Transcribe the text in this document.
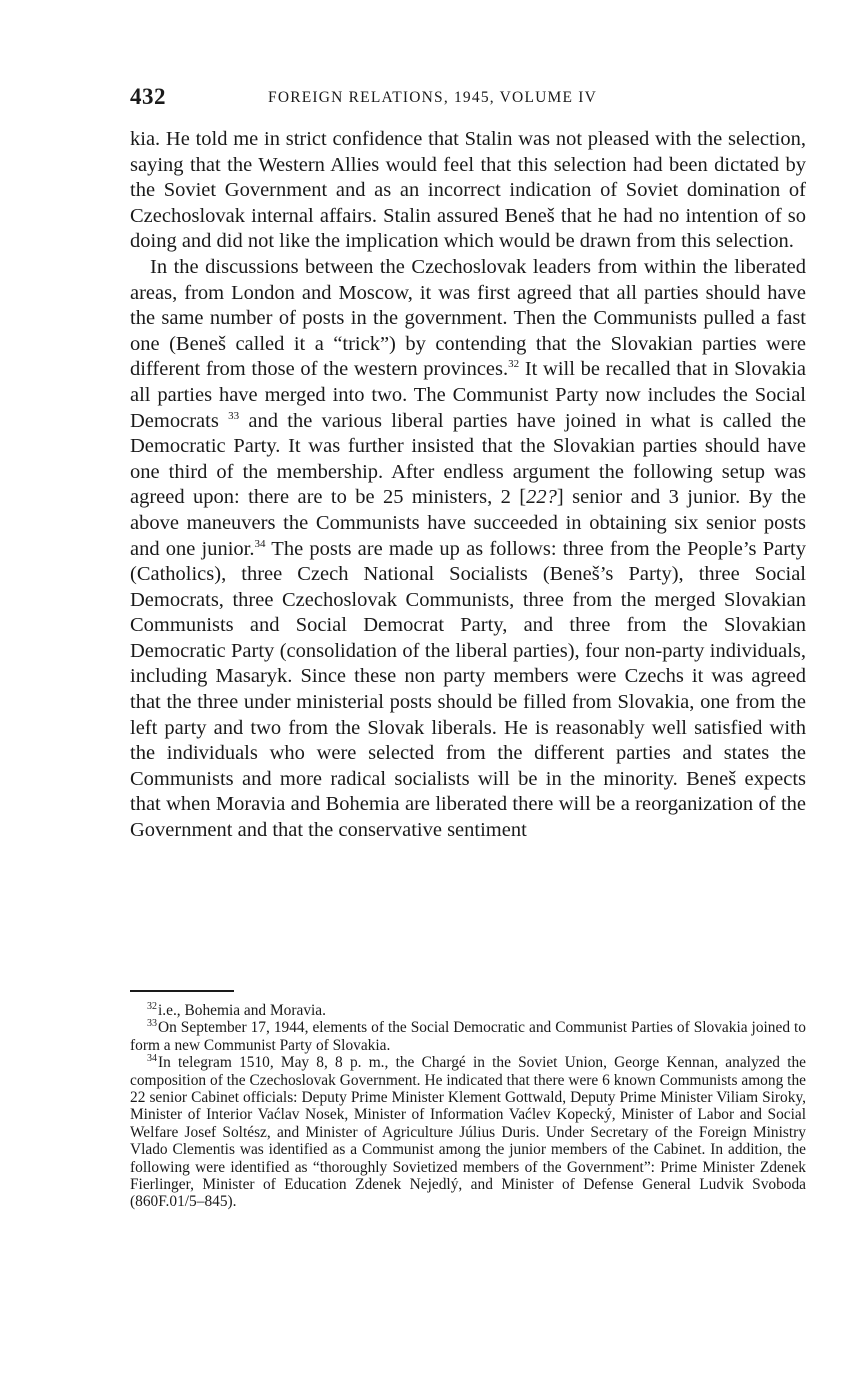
432	FOREIGN RELATIONS, 1945, VOLUME IV

kia. He told me in strict confidence that Stalin was not pleased with the selection, saying that the Western Allies would feel that this selection had been dictated by the Soviet Government and as an incorrect indication of Soviet domination of Czechoslovak internal affairs. Stalin assured Beneš that he had no intention of so doing and did not like the implication which would be drawn from this selection.

In the discussions between the Czechoslovak leaders from within the liberated areas, from London and Moscow, it was first agreed that all parties should have the same number of posts in the government. Then the Communists pulled a fast one (Beneš called it a “trick”) by contending that the Slovakian parties were different from those of the western provinces.$^{32}$ It will be recalled that in Slovakia all parties have merged into two. The Communist Party now includes the Social Democrats $^{33}$ and the various liberal parties have joined in what is called the Democratic Party. It was further insisted that the Slovakian parties should have one third of the membership. After endless argument the following setup was agreed upon: there are to be 25 ministers, 2 [22?] senior and 3 junior. By the above maneuvers the Communists have succeeded in obtaining six senior posts and one junior.$^{34}$ The posts are made up as follows: three from the People’s Party (Catholics), three Czech National Socialists (Beneš’s Party), three Social Democrats, three Czechoslovak Communists, three from the merged Slovakian Communists and Social Democrat Party, and three from the Slovakian Democratic Party (consolidation of the liberal parties), four non-party individuals, including Masaryk. Since these non party members were Czechs it was agreed that the three under ministerial posts should be filled from Slovakia, one from the left party and two from the Slovak liberals. He is reasonably well satisfied with the individuals who were selected from the different parties and states the Communists and more radical socialists will be in the minority. Beneš expects that when Moravia and Bohemia are liberated there will be a reorganization of the Government and that the conservative sentiment

$^{32}$i.e., Bohemia and Moravia.

$^{33}$On September 17, 1944, elements of the Social Democratic and Communist Parties of Slovakia joined to form a new Communist Party of Slovakia.

$^{34}$In telegram 1510, May 8, 8 p. m., the Chargé in the Soviet Union, George Kennan, analyzed the composition of the Czechoslovak Government. He indicated that there were 6 known Communists among the 22 senior Cabinet officials: Deputy Prime Minister Klement Gottwald, Deputy Prime Minister Viliam Siroky, Minister of Interior Vaćlav Nosek, Minister of Information Vaćlev Kopecký, Minister of Labor and Social Welfare Josef Soltész, and Minister of Agriculture Július Duris. Under Secretary of the Foreign Ministry Vlado Clementis was identified as a Communist among the junior members of the Cabinet. In addition, the following were identified as “thoroughly Sovietized members of the Government”: Prime Minister Zdenek Fierlinger, Minister of Education Zdenek Nejedlý, and Minister of Defense General Ludvik Svoboda (860F.01/5–845).
